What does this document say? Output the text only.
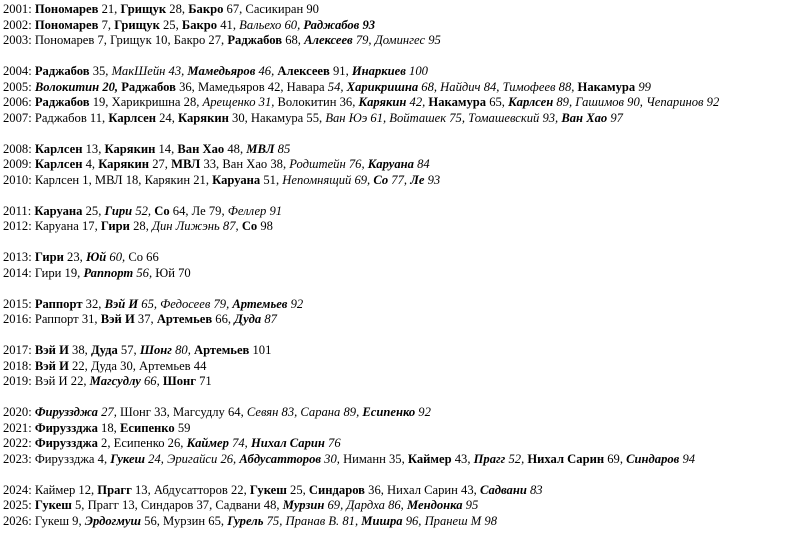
2001: Пономарев 21, Грищук 28, Бакро 67, Сасикиран 90
2002: Пономарев 7, Грищук 25, Бакро 41, Вальехо 60, Раджабов 93
2003: Пономарев 7, Грищук 10, Бакро 27, Раджабов 68, Алексеев 79, Домингес 95
2004: Раджабов 35, МакШейн 43, Мамедьяров 46, Алексеев 91, Инаркиев 100
2005: Волокитин 20, Раджабов 36, Мамедьяров 42, Навара 54, Харикришна 68, Найдич 84, Тимофеев 88, Накамура 99
2006: Раджабов 19, Харикришна 28, Арещенко 31, Волокитин 36, Карякин 42, Накамура 65, Карлсен 89, Гашимов 90, Чепаринов 92
2007: Раджабов 11, Карлсен 24, Карякин 30, Накамура 55, Ван Юэ 61, Войташек 75, Томашевский 93, Ван Хао 97
2008: Карлсен 13, Карякин 14, Ван Хао 48, МВЛ 85
2009: Карлсен 4, Карякин 27, МВЛ 33, Ван Хао 38, Родштейн 76, Каруана 84
2010: Карлсен 1, МВЛ 18, Карякин 21, Каруана 51, Непомнящий 69, Со 77, Ле 93
2011: Каруана 25, Гири 52, Со 64, Ле 79, Феллер 91
2012: Каруана 17, Гири 28, Дин Лижэнь 87, Со 98
2013: Гири 23, Юй 60, Со 66
2014: Гири 19, Раппорт 56, Юй 70
2015: Раппорт 32, Вэй И 65, Федосеев 79, Артемьев 92
2016: Раппорт 31, Вэй И 37, Артемьев 66, Дуда 87
2017: Вэй И 38, Дуда 57, Шонг 80, Артемьев 101
2018: Вэй И 22, Дуда 30, Артемьев 44
2019: Вэй И 22, Магсудлу 66, Шонг 71
2020: Фируззджа 27, Шонг 33, Магсудлу 64, Севян 83, Сарана 89, Есипенко 92
2021: Фируззджа 18, Есипенко 59
2022: Фируззджа 2, Есипенко 26, Каймер 74, Нихал Сарин 76
2023: Фируззджа 4, Гукеш 24, Эригайси 26, Абдусатторов 30, Ниманн 35, Каймер 43, Прагг 52, Нихал Сарин 69, Синдаров 94
2024: Каймер 12, Прагг 13, Абдусатторов 22, Гукеш 25, Синдаров 36, Нихал Сарин 43, Садвани 83
2025: Гукеш 5, Прагг 13, Синдаров 37, Садвани 48, Мурзин 69, Дардха 86, Мендонка 95
2026: Гукеш 9, Эрдогмуш 56, Мурзин 65, Гурель 75, Пранав В. 81, Мишра 96, Пранеш М 98
